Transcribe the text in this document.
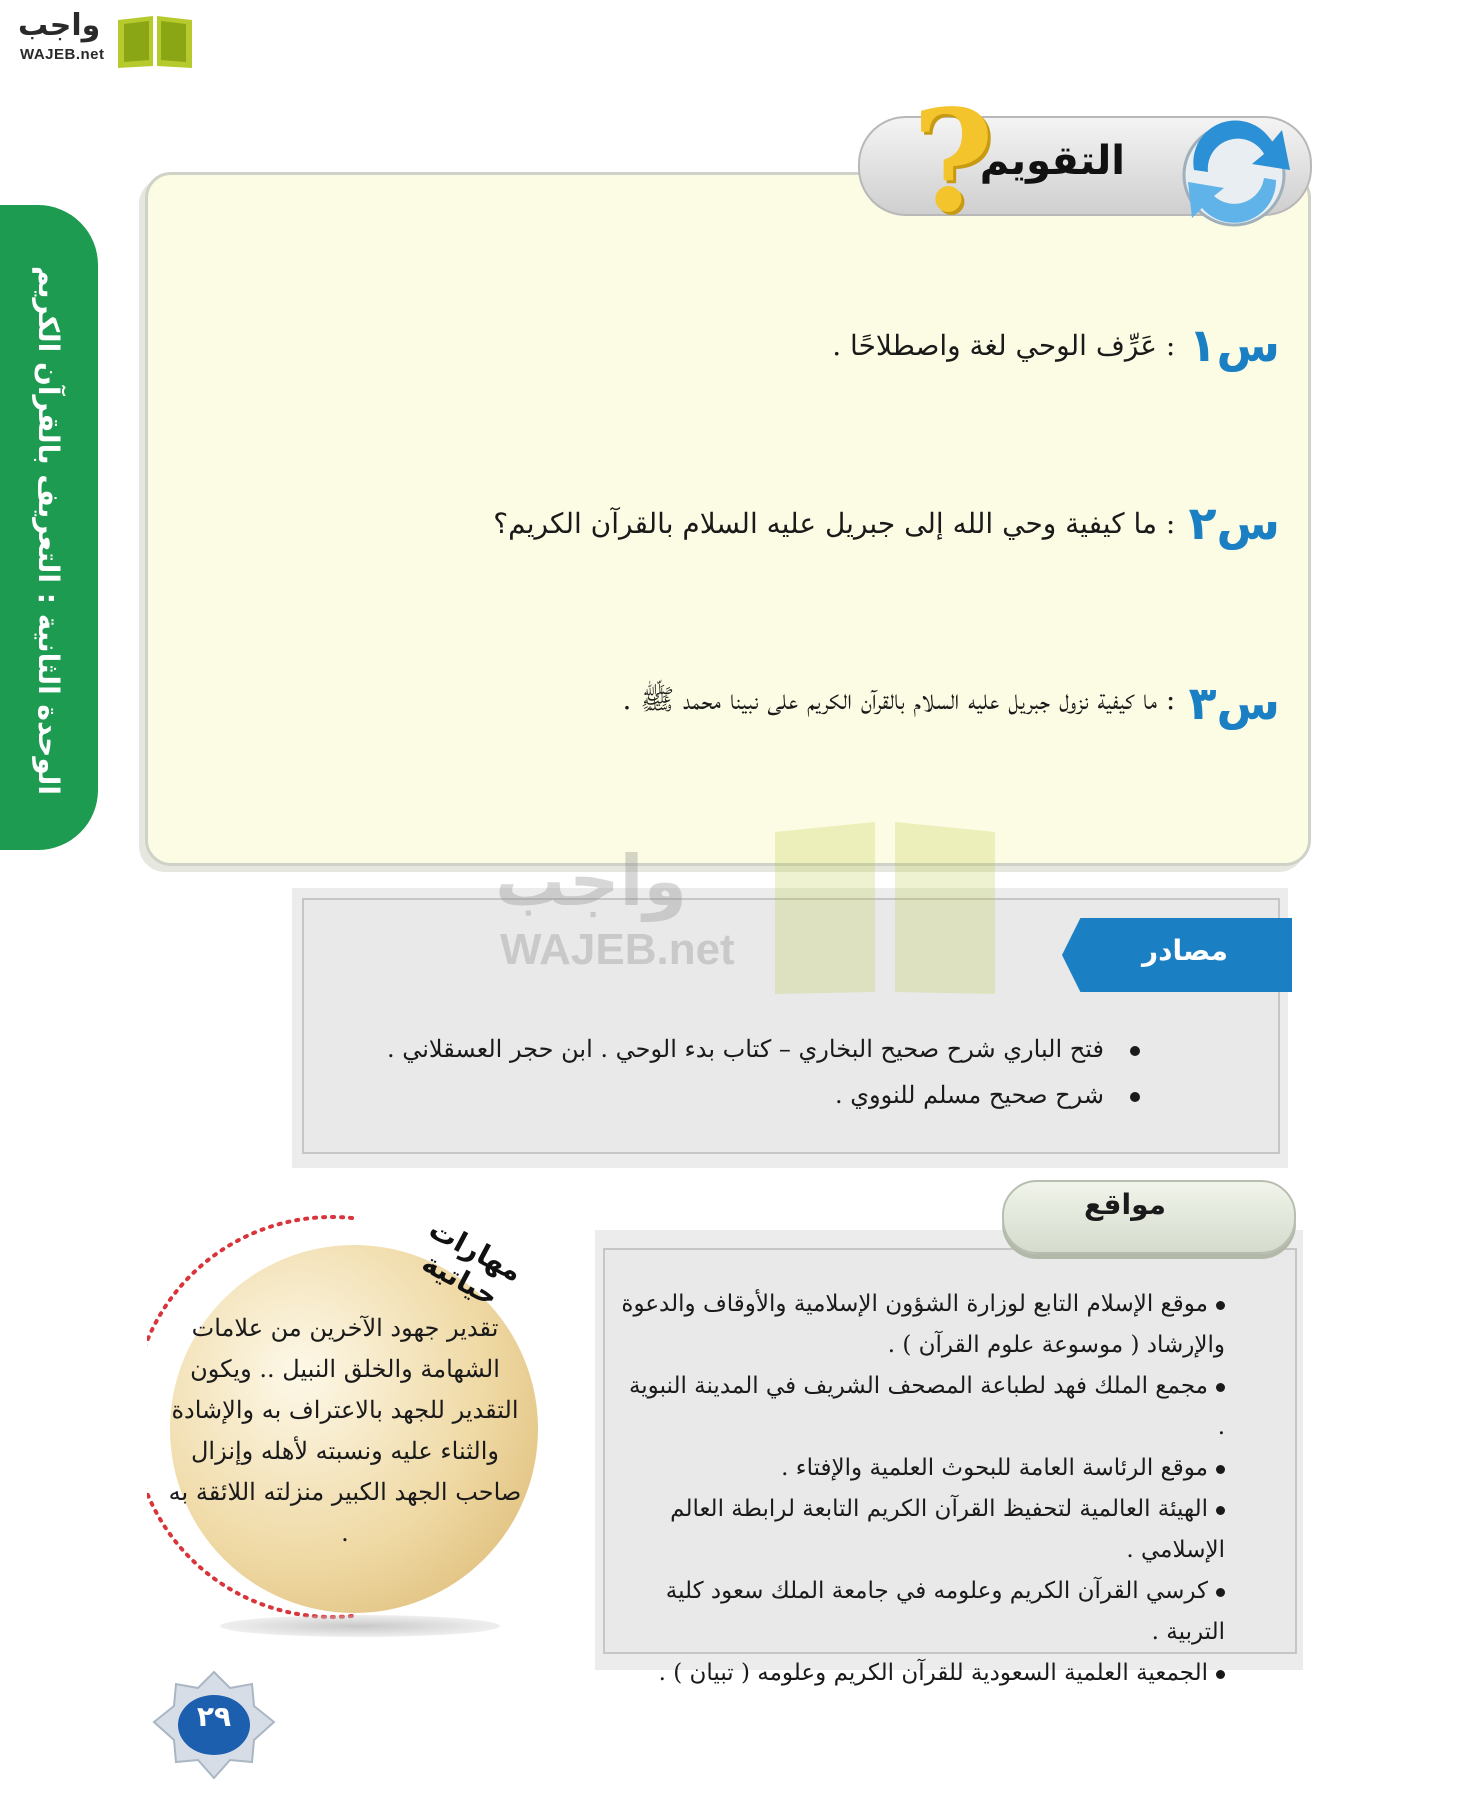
واجب
WAJEB.net
الوحدة الثانية : التعريف بالقرآن الكريم
?
التقويم
س١ : عَرِّف الوحي لغة واصطلاحًا .
س٢ : ما كيفية وحي الله إلى جبريل عليه السلام بالقرآن الكريم؟
س٣ : ما كيفية نزول جبريل عليه السلام بالقرآن الكريم على نبينا محمد ﷺ .
مصادر
فتح الباري شرح صحيح البخاري – كتاب بدء الوحي . ابن حجر العسقلاني .
شرح صحيح مسلم للنووي .
واجب
WAJEB.net
مواقع
موقع الإسلام التابع لوزارة الشؤون الإسلامية والأوقاف والدعوة والإرشاد ( موسوعة علوم القرآن ) .
مجمع الملك فهد لطباعة المصحف الشريف في المدينة النبوية .
موقع الرئاسة العامة للبحوث العلمية والإفتاء .
الهيئة العالمية لتحفيظ القرآن الكريم التابعة لرابطة العالم الإسلامي .
كرسي القرآن الكريم وعلومه في جامعة الملك سعود كلية التربية .
الجمعية العلمية السعودية للقرآن الكريم وعلومه ( تبيان ) .
مهارات حياتية
تقدير جهود الآخرين من علامات الشهامة والخلق النبيل .. ويكون التقدير للجهد بالاعتراف به والإشادة والثناء عليه ونسبته لأهله وإنزال صاحب الجهد الكبير منزلته اللائقة به .
٢٩
